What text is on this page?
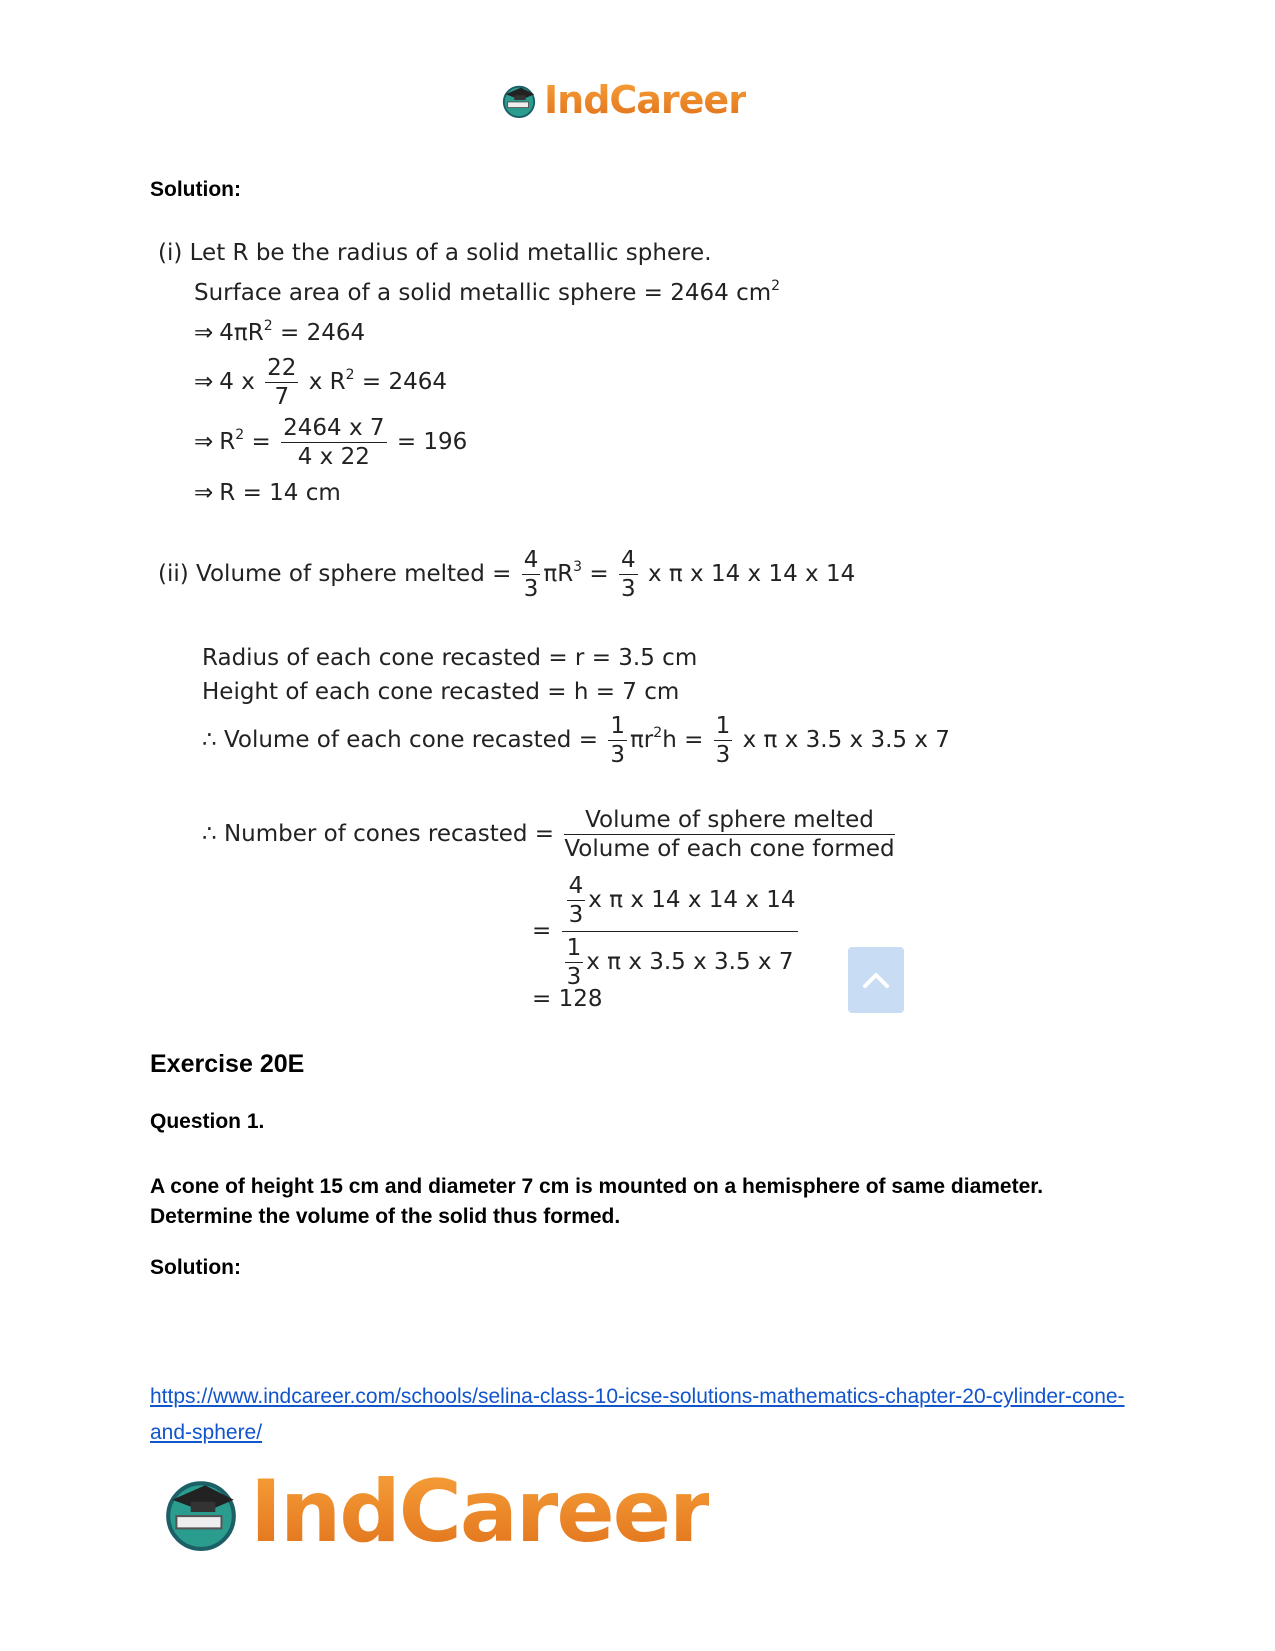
IndCareer
Solution:
(i) Let R be the radius of a solid metallic sphere.
Surface area of a solid metallic sphere = 2464 $cm^2$
⇒ $4\pi R^2 = 2464$
⇒ 4 x $\frac{22}{7}$ x $R^2 = 2464$
⇒ $R^2 = \frac{2464 x 7}{4 x 22} = 196$
⇒ R = 14 cm
(ii) Volume of sphere melted = $\frac{4}{3} \pi R^3 = \frac{4}{3}$ x π x 14 x 14 x 14
Radius of each cone recasted = r = 3.5 cm
Height of each cone recasted = h = 7 cm
∴ Volume of each cone recasted = $\frac{1}{3} \pi r^2h = \frac{1}{3}$ x π x 3.5 x 3.5 x 7
∴ Number of cones recasted = $\frac{\text{Volume of sphere melted}}{\text{Volume of each cone formed}}$
= $\frac{\frac{4}{3} x \pi x 14 x 14 x 14}{\frac{1}{3} x \pi x 3.5 x 3.5 x 7}$
= 128
Exercise 20E
Question 1.
A cone of height 15 cm and diameter 7 cm is mounted on a hemisphere of same diameter. Determine the volume of the solid thus formed.
Solution:
https://www.indcareer.com/schools/selina-class-10-icse-solutions-mathematics-chapter-20-cylinder-cone-and-sphere/
IndCareer
